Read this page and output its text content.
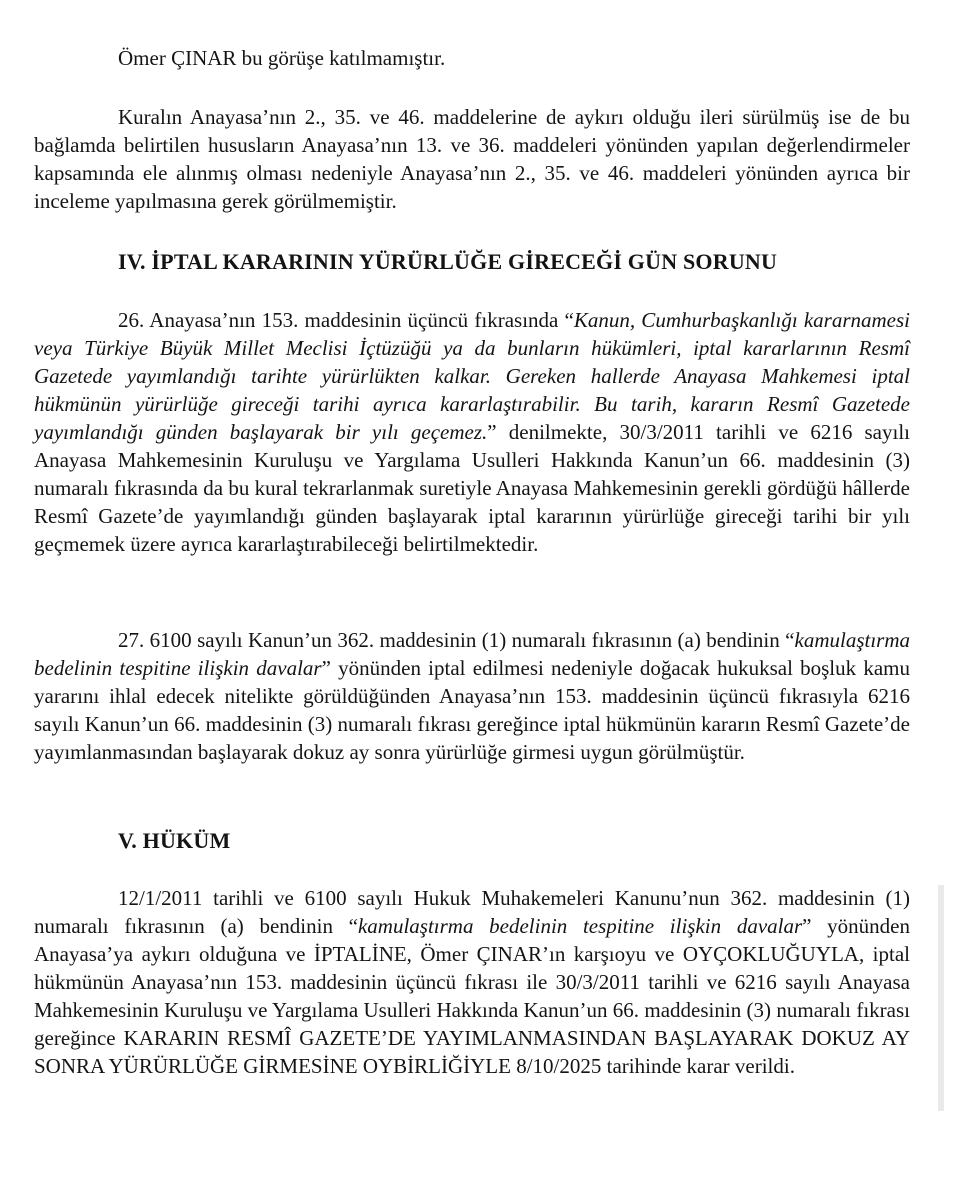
Ömer ÇINAR bu görüşe katılmamıştır.

Kuralın Anayasa’nın 2., 35. ve 46. maddelerine de aykırı olduğu ileri sürülmüş ise de bu bağlamda belirtilen hususların Anayasa’nın 13. ve 36. maddeleri yönünden yapılan değerlendirmeler kapsamında ele alınmış olması nedeniyle Anayasa’nın 2., 35. ve 46. maddeleri yönünden ayrıca bir inceleme yapılmasına gerek görülmemiştir.

IV. İPTAL KARARININ YÜRÜRLÜĞE GİRECEĞİ GÜN SORUNU

26. Anayasa’nın 153. maddesinin üçüncü fıkrasında “Kanun, Cumhurbaşkanlığı kararnamesi veya Türkiye Büyük Millet Meclisi İçtüzüğü ya da bunların hükümleri, iptal kararlarının Resmî Gazetede yayımlandığı tarihte yürürlükten kalkar. Gereken hallerde Anayasa Mahkemesi iptal hükmünün yürürlüğe gireceği tarihi ayrıca kararlaştırabilir. Bu tarih, kararın Resmî Gazetede yayımlandığı günden başlayarak bir yılı geçemez.” denilmekte, 30/3/2011 tarihli ve 6216 sayılı Anayasa Mahkemesinin Kuruluşu ve Yargılama Usulleri Hakkında Kanun’un 66. maddesinin (3) numaralı fıkrasında da bu kural tekrarlanmak suretiyle Anayasa Mahkemesinin gerekli gördüğü hâllerde Resmî Gazete’de yayımlandığı günden başlayarak iptal kararının yürürlüğe gireceği tarihi bir yılı geçmemek üzere ayrıca kararlaştırabileceği belirtilmektedir.

27. 6100 sayılı Kanun’un 362. maddesinin (1) numaralı fıkrasının (a) bendinin “kamulaştırma bedelinin tespitine ilişkin davalar” yönünden iptal edilmesi nedeniyle doğacak hukuksal boşluk kamu yararını ihlal edecek nitelikte görüldüğünden Anayasa’nın 153. maddesinin üçüncü fıkrasıyla 6216 sayılı Kanun’un 66. maddesinin (3) numaralı fıkrası gereğince iptal hükmünün kararın Resmî Gazete’de yayımlanmasından başlayarak dokuz ay sonra yürürlüğe girmesi uygun görülmüştür.

V. HÜKÜM

12/1/2011 tarihli ve 6100 sayılı Hukuk Muhakemeleri Kanunu’nun 362. maddesinin (1) numaralı fıkrasının (a) bendinin “kamulaştırma bedelinin tespitine ilişkin davalar” yönünden Anayasa’ya aykırı olduğuna ve İPTALİNE, Ömer ÇINAR’ın karşıoyu ve OYÇOKLUĞUYLA, iptal hükmünün Anayasa’nın 153. maddesinin üçüncü fıkrası ile 30/3/2011 tarihli ve 6216 sayılı Anayasa Mahkemesinin Kuruluşu ve Yargılama Usulleri Hakkında Kanun’un 66. maddesinin (3) numaralı fıkrası gereğince KARARIN RESMÎ GAZETE’DE YAYIMLANMASINDAN BAŞLAYARAK DOKUZ AY SONRA YÜRÜRLÜĞE GİRMESİNE OYBİRLİĞİYLE 8/10/2025 tarihinde karar verildi.
